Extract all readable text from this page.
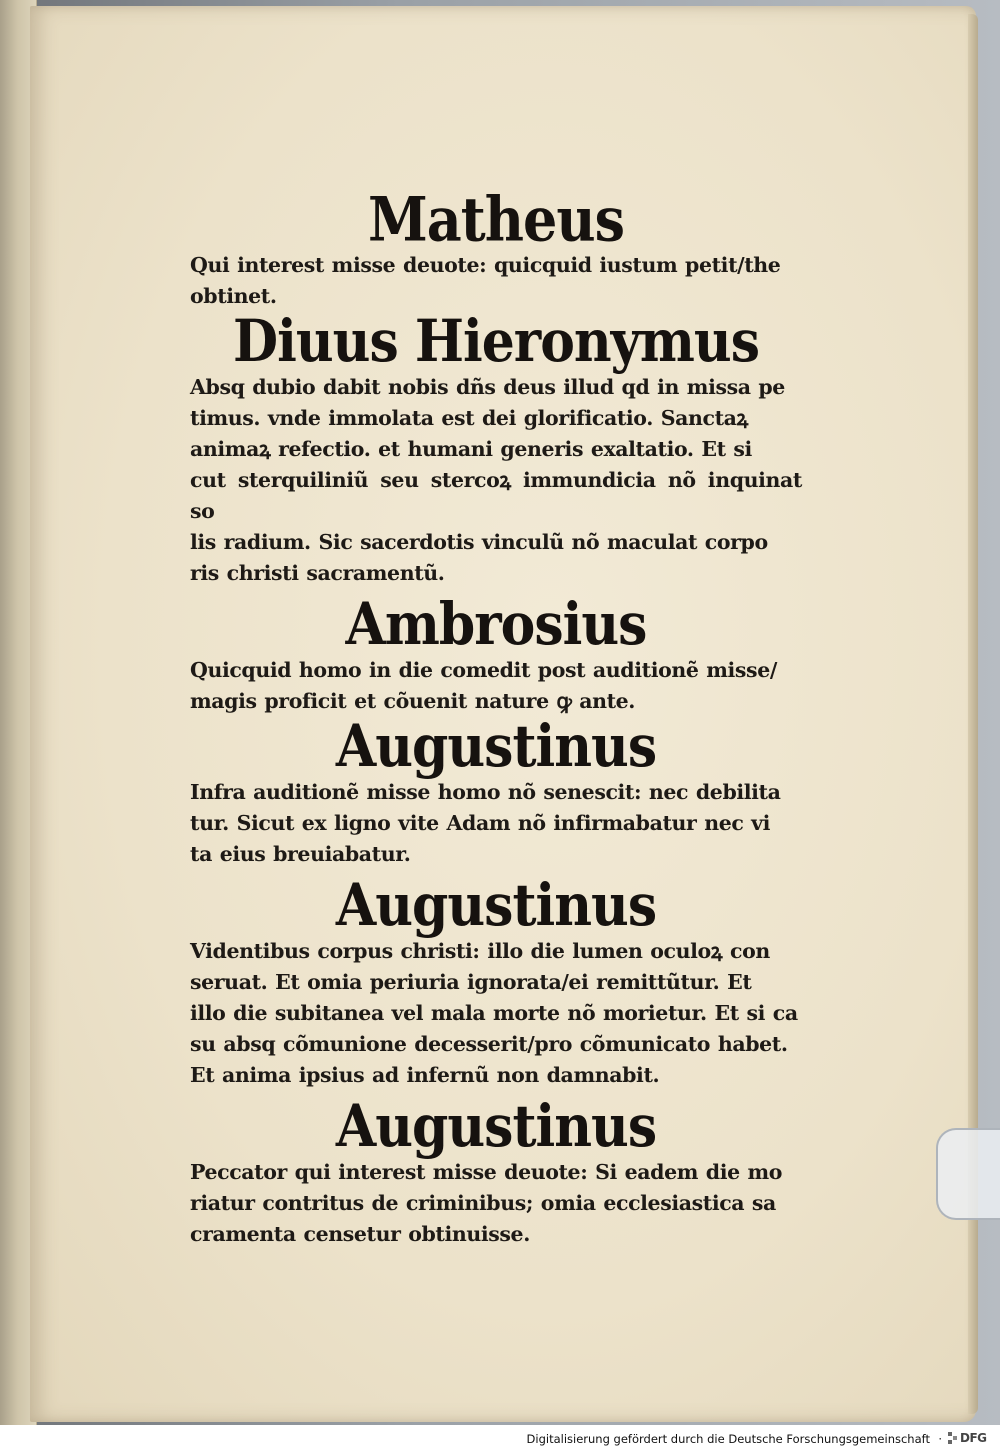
Matheus

Qui interest misse deuote: quicquid iustum petit/the
obtinet.

Diuus Hieronymus

Absq dubio dabit nobis dñs deus illud qd in missa pe
timus. vnde immolata est dei glorificatio. Sanctaꝝ
animaꝝ refectio. et humani generis exaltatio. Et si
cut sterquiliniũ seu stercoꝝ immundicia nõ inquinat so
lis radium. Sic sacerdotis vinculũ nõ maculat corpo
ris christi sacramentũ.

Ambrosius

Quicquid homo in die comedit post auditionẽ misse/
magis proficit et cõuenit nature ꝙ ante.

Augustinus

Infra auditionẽ misse homo nõ senescit: nec debilita
tur. Sicut ex ligno vite Adam nõ infirmabatur nec vi
ta eius breuiabatur.

Augustinus

Videntibus corpus christi: illo die lumen oculoꝝ con
seruat. Et omia periuria ignorata/ei remittũtur. Et
illo die subitanea vel mala morte nõ morietur. Et si ca
su absq cõmunione decesserit/pro cõmunicato habet.
Et anima ipsius ad infernũ non damnabit.

Augustinus

Peccator qui interest misse deuote: Si eadem die mo
riatur contritus de criminibus; omia ecclesiastica sa
cramenta censetur obtinuisse.

Digitalisierung gefördert durch die Deutsche Forschungsgemeinschaft · DFG
